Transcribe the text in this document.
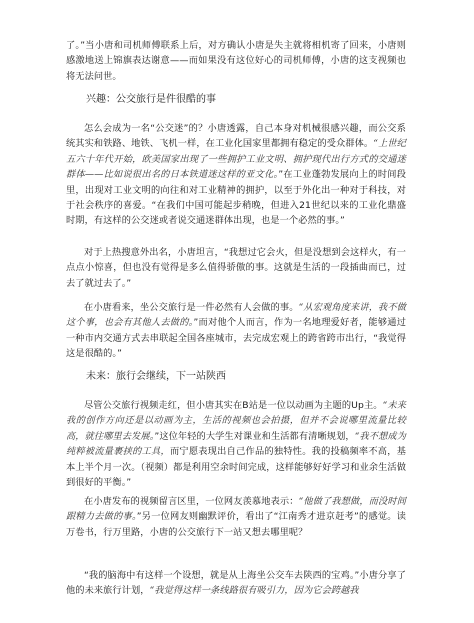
了。”当小唐和司机师傅联系上后，对方确认小唐是失主就将相机寄了回来，小唐则感激地送上锦旗表达谢意——而如果没有这位好心的司机师傅，小唐的这支视频也将无法问世。
兴趣：公交旅行是件很酷的事
怎么会成为一名“公交迷”的？小唐透露，自己本身对机械很感兴趣，而公交系统其实和铁路、地铁、飞机一样，在工业化国家里都拥有稳定的受众群体。“上世纪五六十年代开始，欧美国家出现了一些拥护工业文明、拥护现代出行方式的交通迷群体——比如说很出名的日本铁道迷这样的亚文化。”在工业蓬勃发展向上的时间段里，出现对工业文明的向往和对工业精神的拥护，以至于外化出一种对于科技，对于社会秩序的喜爱。“在我们中国可能起步稍晚，但进入21世纪以来的工业化鼎盛时期，有这样的公交迷或者说交通迷群体出现，也是一个必然的事。”
对于上热搜意外出名，小唐坦言，“我想过它会火，但是没想到会这样火，有一点点小惊喜，但也没有觉得是多么值得骄傲的事。这就是生活的一段插曲而已，过去了就过去了。”
在小唐看来，坐公交旅行是一件必然有人会做的事。“从宏观角度来讲，我不做这个事，也会有其他人去做的。”而对他个人而言，作为一名地理爱好者，能够通过一种市内交通方式去串联起全国各座城市，去完成宏观上的跨省跨市出行，“我觉得这是很酷的。”
未来：旅行会继续，下一站陕西
尽管公交旅行视频走红，但小唐其实在B站是一位以动画为主题的Up主。“未来我的创作方向还是以动画为主，生活的视频也会拍摄，但并不会说哪里流量比较高，就往哪里去发展。”这位年轻的大学生对课业和生活都有清晰规划，“我不想成为纯粹被流量裹挟的工具，而宁愿表现出自己作品的独特性。我的投稿频率不高，基本上半个月一次。（视频）都是利用空余时间完成，这样能够好好学习和业余生活做到很好的平衡。”
在小唐发布的视频留言区里，一位网友羡慕地表示：“他做了我想做，而没时间跟精力去做的事。”另一位网友则幽默评价，看出了“江南秀才进京赶考”的感觉。读万卷书，行万里路，小唐的公交旅行下一站又想去哪里呢？
“我的脑海中有这样一个设想，就是从上海坐公交车去陕西的宝鸡。”小唐分享了他的未来旅行计划，“我觉得这样一条线路很有吸引力，因为它会跨越我
